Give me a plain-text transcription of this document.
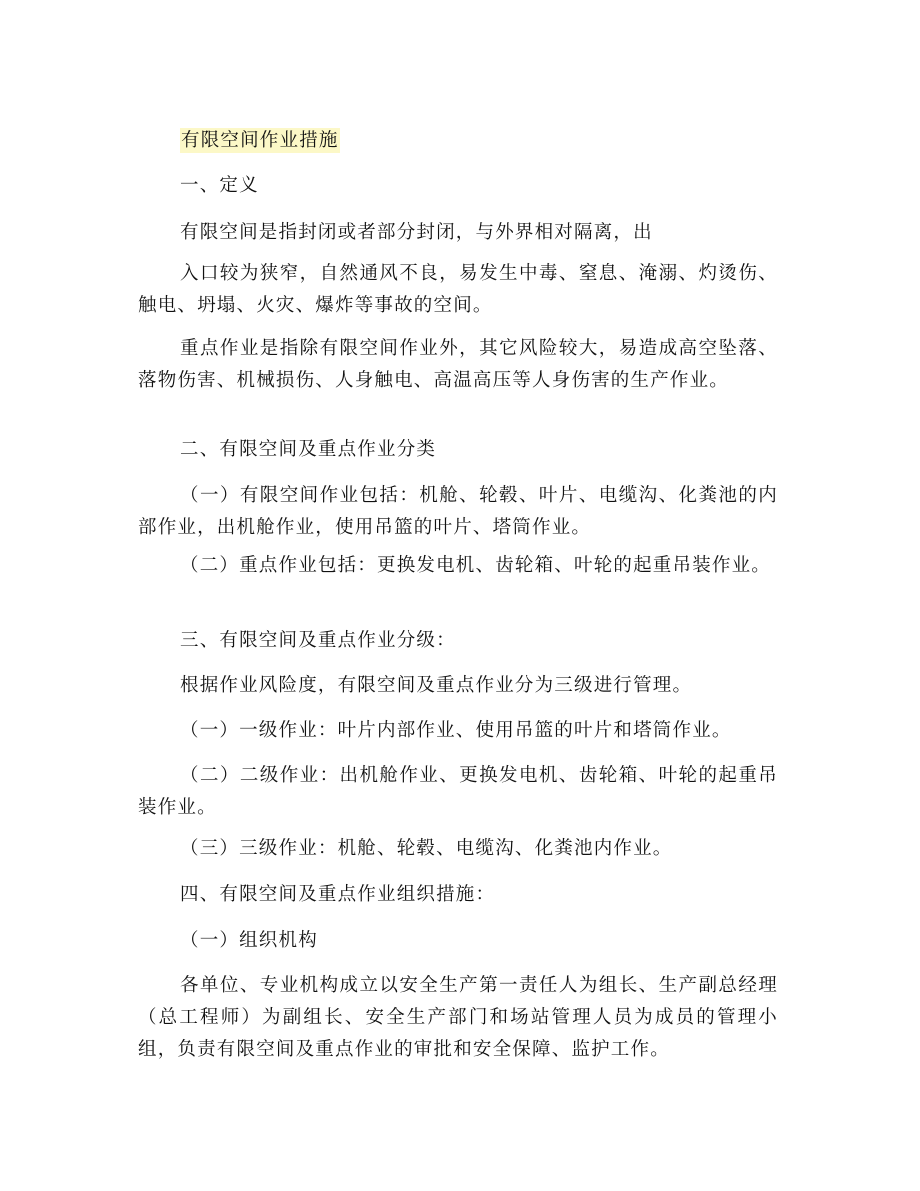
有限空间作业措施

一、定义

有限空间是指封闭或者部分封闭，与外界相对隔离，出

入口较为狭窄，自然通风不良，易发生中毒、窒息、淹溺、灼烫伤、触电、坍塌、火灾、爆炸等事故的空间。

重点作业是指除有限空间作业外，其它风险较大，易造成高空坠落、落物伤害、机械损伤、人身触电、高温高压等人身伤害的生产作业。

二、有限空间及重点作业分类

（一）有限空间作业包括：机舱、轮毂、叶片、电缆沟、化粪池的内部作业，出机舱作业，使用吊篮的叶片、塔筒作业。

（二）重点作业包括：更换发电机、齿轮箱、叶轮的起重吊装作业。

三、有限空间及重点作业分级：

根据作业风险度，有限空间及重点作业分为三级进行管理。

（一）一级作业：叶片内部作业、使用吊篮的叶片和塔筒作业。

（二）二级作业：出机舱作业、更换发电机、齿轮箱、叶轮的起重吊装作业。

（三）三级作业：机舱、轮毂、电缆沟、化粪池内作业。

四、有限空间及重点作业组织措施：

（一）组织机构

各单位、专业机构成立以安全生产第一责任人为组长、生产副总经理（总工程师）为副组长、安全生产部门和场站管理人员为成员的管理小组，负责有限空间及重点作业的审批和安全保障、监护工作。
